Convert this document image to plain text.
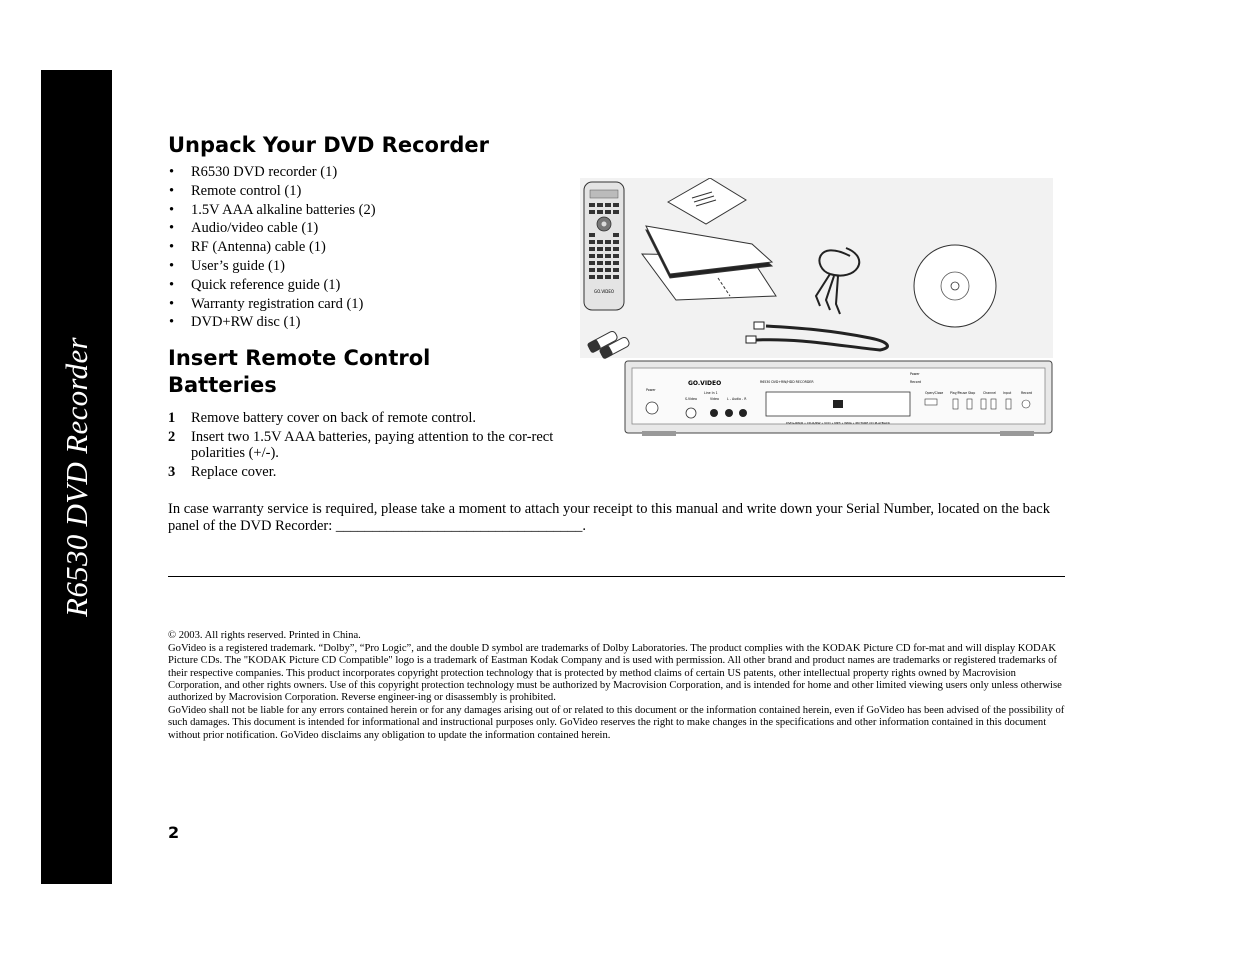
R6530 DVD Recorder
Unpack Your DVD Recorder
• R6530 DVD recorder (1)
• Remote control (1)
• 1.5V AAA alkaline batteries (2)
• Audio/video cable (1)
• RF (Antenna) cable (1)
• User’s guide (1)
• Quick reference guide (1)
• Warranty registration card (1)
• DVD+RW disc (1)
Insert Remote Control Batteries
1 Remove battery cover on back of remote control.
2 Insert two 1.5V AAA batteries, paying attention to the cor-rect polarities (+/-).
3 Replace cover.
GO.VIDEO
GO.VIDEO	R6530 DVD+RW/HDD RECORDER
Power
Record
Power
Line In 1
S-Video	Video	L - Audio - R
Open/Close Play/Pause Stop Channel Input	Record
DVD+RW/R • CD-R/RW • VCD • MP3 • WMA • PICTURE CD PLAYBACK

In case warranty service is required, please take a moment to attach your receipt to this manual and write down your Serial Number, located on the back panel of the DVD Recorder: __________________________________.

© 2003. All rights reserved. Printed in China.

GoVideo is a registered trademark. “Dolby”, “Pro Logic”, and the double D symbol are trademarks of Dolby Laboratories. The product complies with the KODAK Picture CD for-mat and will display KODAK Picture CDs. The "KODAK Picture CD Compatible" logo is a trademark of Eastman Kodak Company and is used with permission. All other brand and product names are trademarks or registered trademarks of their respective companies. This product incorporates copyright protection technology that is protected by method claims of certain US patents, other intellectual property rights owned by Macrovision Corporation, and other rights owners. Use of this copyright protection technology must be authorized by Macrovision Corporation, and is intended for home and other limited viewing users only unless otherwise authorized by Macrovision Corporation. Reverse engineer-ing or disassembly is prohibited.

GoVideo shall not be liable for any errors contained herein or for any damages arising out of or related to this document or the information contained herein, even if GoVideo has been advised of the possibility of such damages. This document is intended for informational and instructional purposes only. GoVideo reserves the right to make changes in the specifications and other information contained in this document without prior notification. GoVideo disclaims any obligation to update the information contained herein.

2
